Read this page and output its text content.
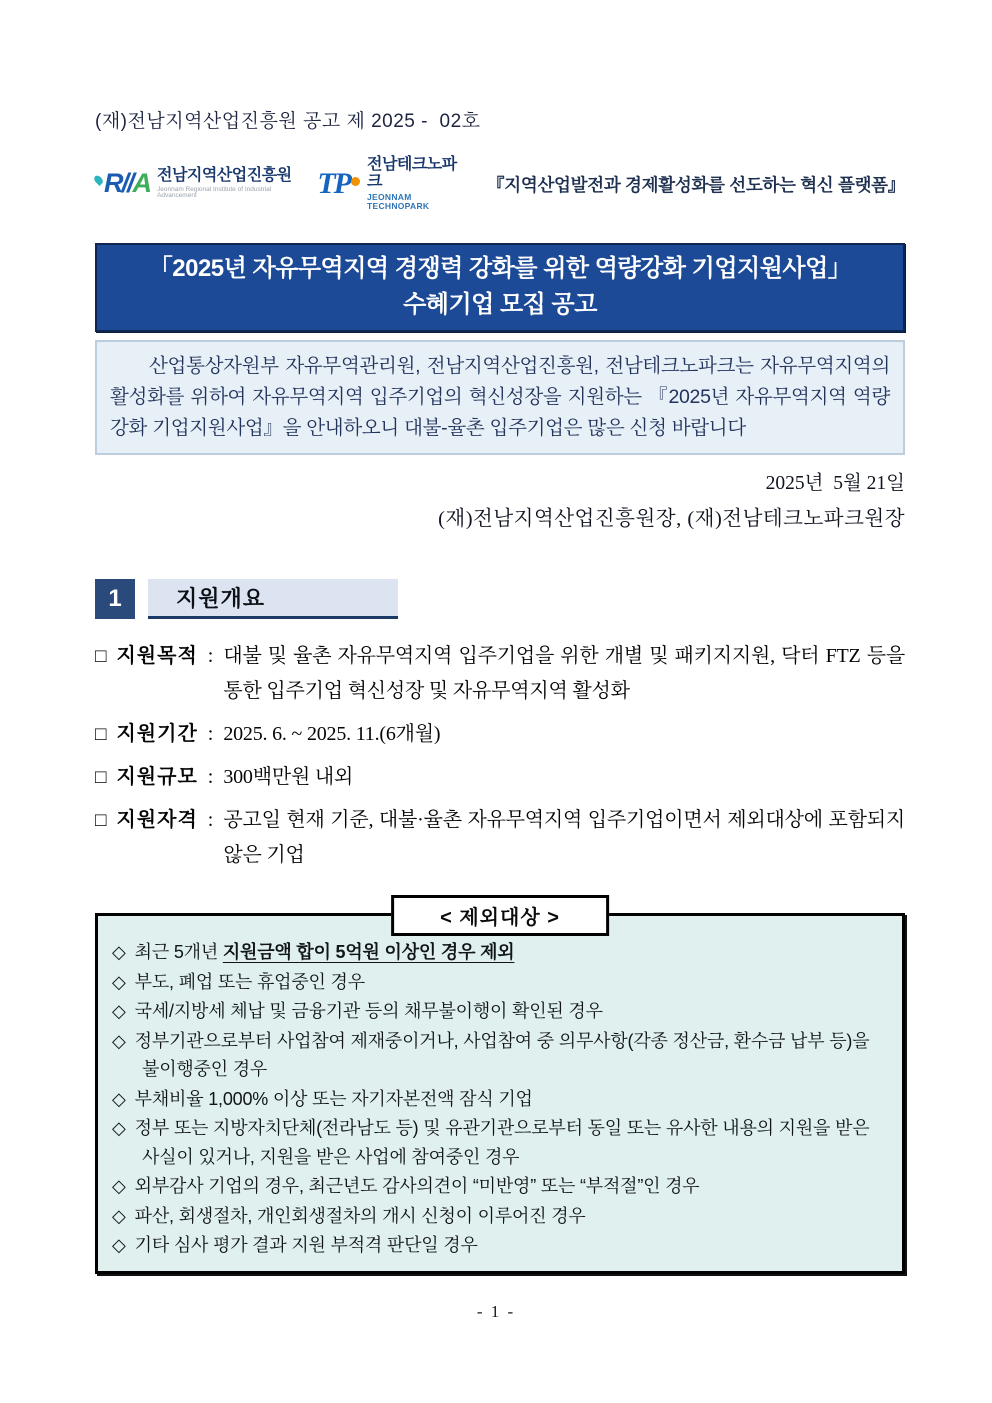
(재)전남지역산업진흥원 공고 제 2025 -  02호
R//A 전남지역산업진흥원
Jeonnam Regional Institute of Industrial Advancement	TP
전남테크노파크
JEONNAM TECHNOPARK
『지역산업발전과 경제활성화를 선도하는 혁신 플랫폼』
「2025년 자유무역지역 경쟁력 강화를 위한 역량강화 기업지원사업」
수혜기업 모집 공고
산업통상자원부 자유무역관리원, 전남지역산업진흥원, 전남테크노파크는 자유무역지역의 활성화를 위하여 자유무역지역 입주기업의 혁신성장을 지원하는 『2025년 자유무역지역 역량강화 기업지원사업』을 안내하오니 대불-율촌 입주기업은 많은 신청 바랍니다
2025년  5월 21일
(재)전남지역산업진흥원장, (재)전남테크노파크원장
1	지원개요
□ 지원목적 : 대불 및 율촌 자유무역지역 입주기업을 위한 개별 및 패키지지원, 닥터 FTZ 등을 통한 입주기업 혁신성장 및 자유무역지역 활성화
□ 지원기간 : 2025. 6. ~ 2025. 11.(6개월)
□ 지원규모 : 300백만원 내외
□ 지원자격 : 공고일 현재 기준, 대불·율촌 자유무역지역 입주기업이면서 제외대상에 포함되지 않은 기업
< 제외대상 >
◇ 최근 5개년 지원금액 합이 5억원 이상인 경우 제외
◇ 부도, 폐업 또는 휴업중인 경우
◇ 국세/지방세 체납 및 금융기관 등의 채무불이행이 확인된 경우
◇ 정부기관으로부터 사업참여 제재중이거나, 사업참여 중 의무사항(각종 정산금, 환수금 납부 등)을 불이행중인 경우
◇ 부채비율 1,000% 이상 또는 자기자본전액 잠식 기업
◇ 정부 또는 지방자치단체(전라남도 등) 및 유관기관으로부터 동일 또는 유사한 내용의 지원을 받은 사실이 있거나, 지원을 받은 사업에 참여중인 경우
◇ 외부감사 기업의 경우, 최근년도 감사의견이 “미반영” 또는 “부적절”인 경우
◇ 파산, 회생절차, 개인회생절차의 개시 신청이 이루어진 경우
◇ 기타 심사 평가 결과 지원 부적격 판단일 경우
- 1 -
